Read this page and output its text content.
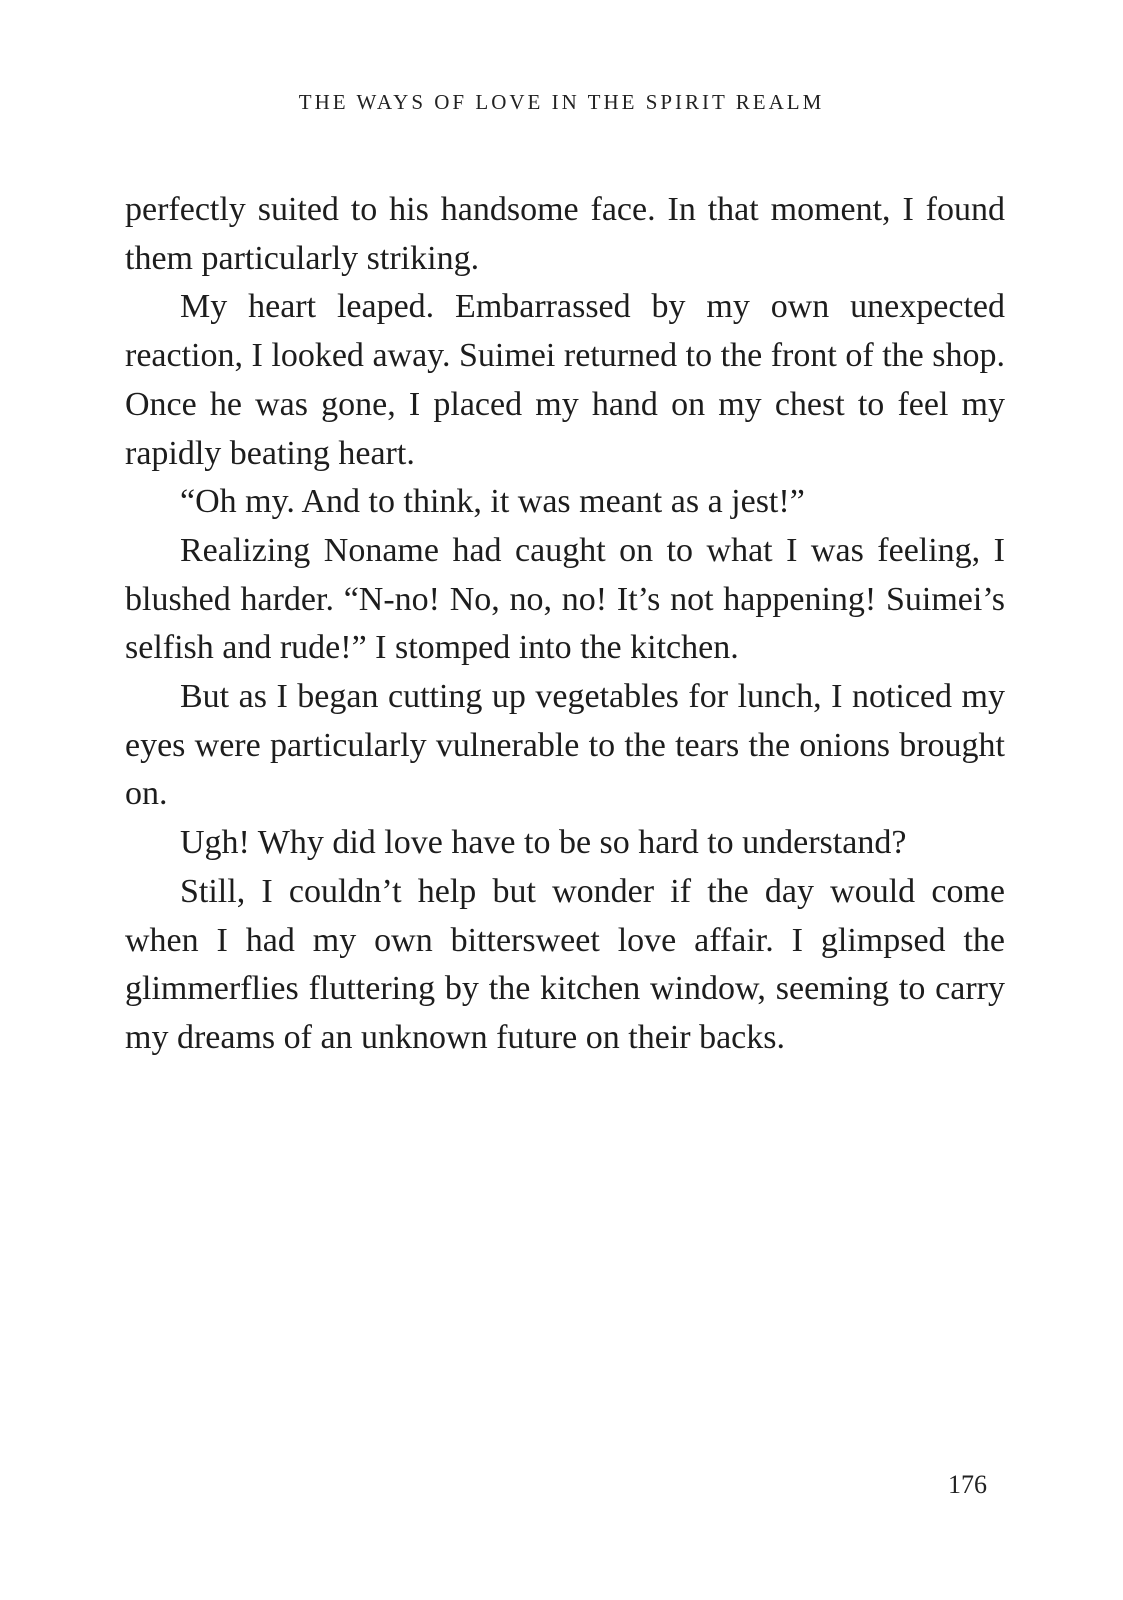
THE WAYS OF LOVE IN THE SPIRIT REALM

perfectly suited to his handsome face. In that moment, I found them particularly striking.

My heart leaped. Embarrassed by my own unexpected reaction, I looked away. Suimei returned to the front of the shop. Once he was gone, I placed my hand on my chest to feel my rapidly beating heart.

“Oh my. And to think, it was meant as a jest!”

Realizing Noname had caught on to what I was feeling, I blushed harder. “N-no! No, no, no! It’s not happening! Suimei’s selfish and rude!” I stomped into the kitchen.

But as I began cutting up vegetables for lunch, I noticed my eyes were particularly vulnerable to the tears the onions brought on.

Ugh! Why did love have to be so hard to understand?

Still, I couldn’t help but wonder if the day would come when I had my own bittersweet love affair. I glimpsed the glimmerflies fluttering by the kitchen window, seeming to carry my dreams of an unknown future on their backs.

176
